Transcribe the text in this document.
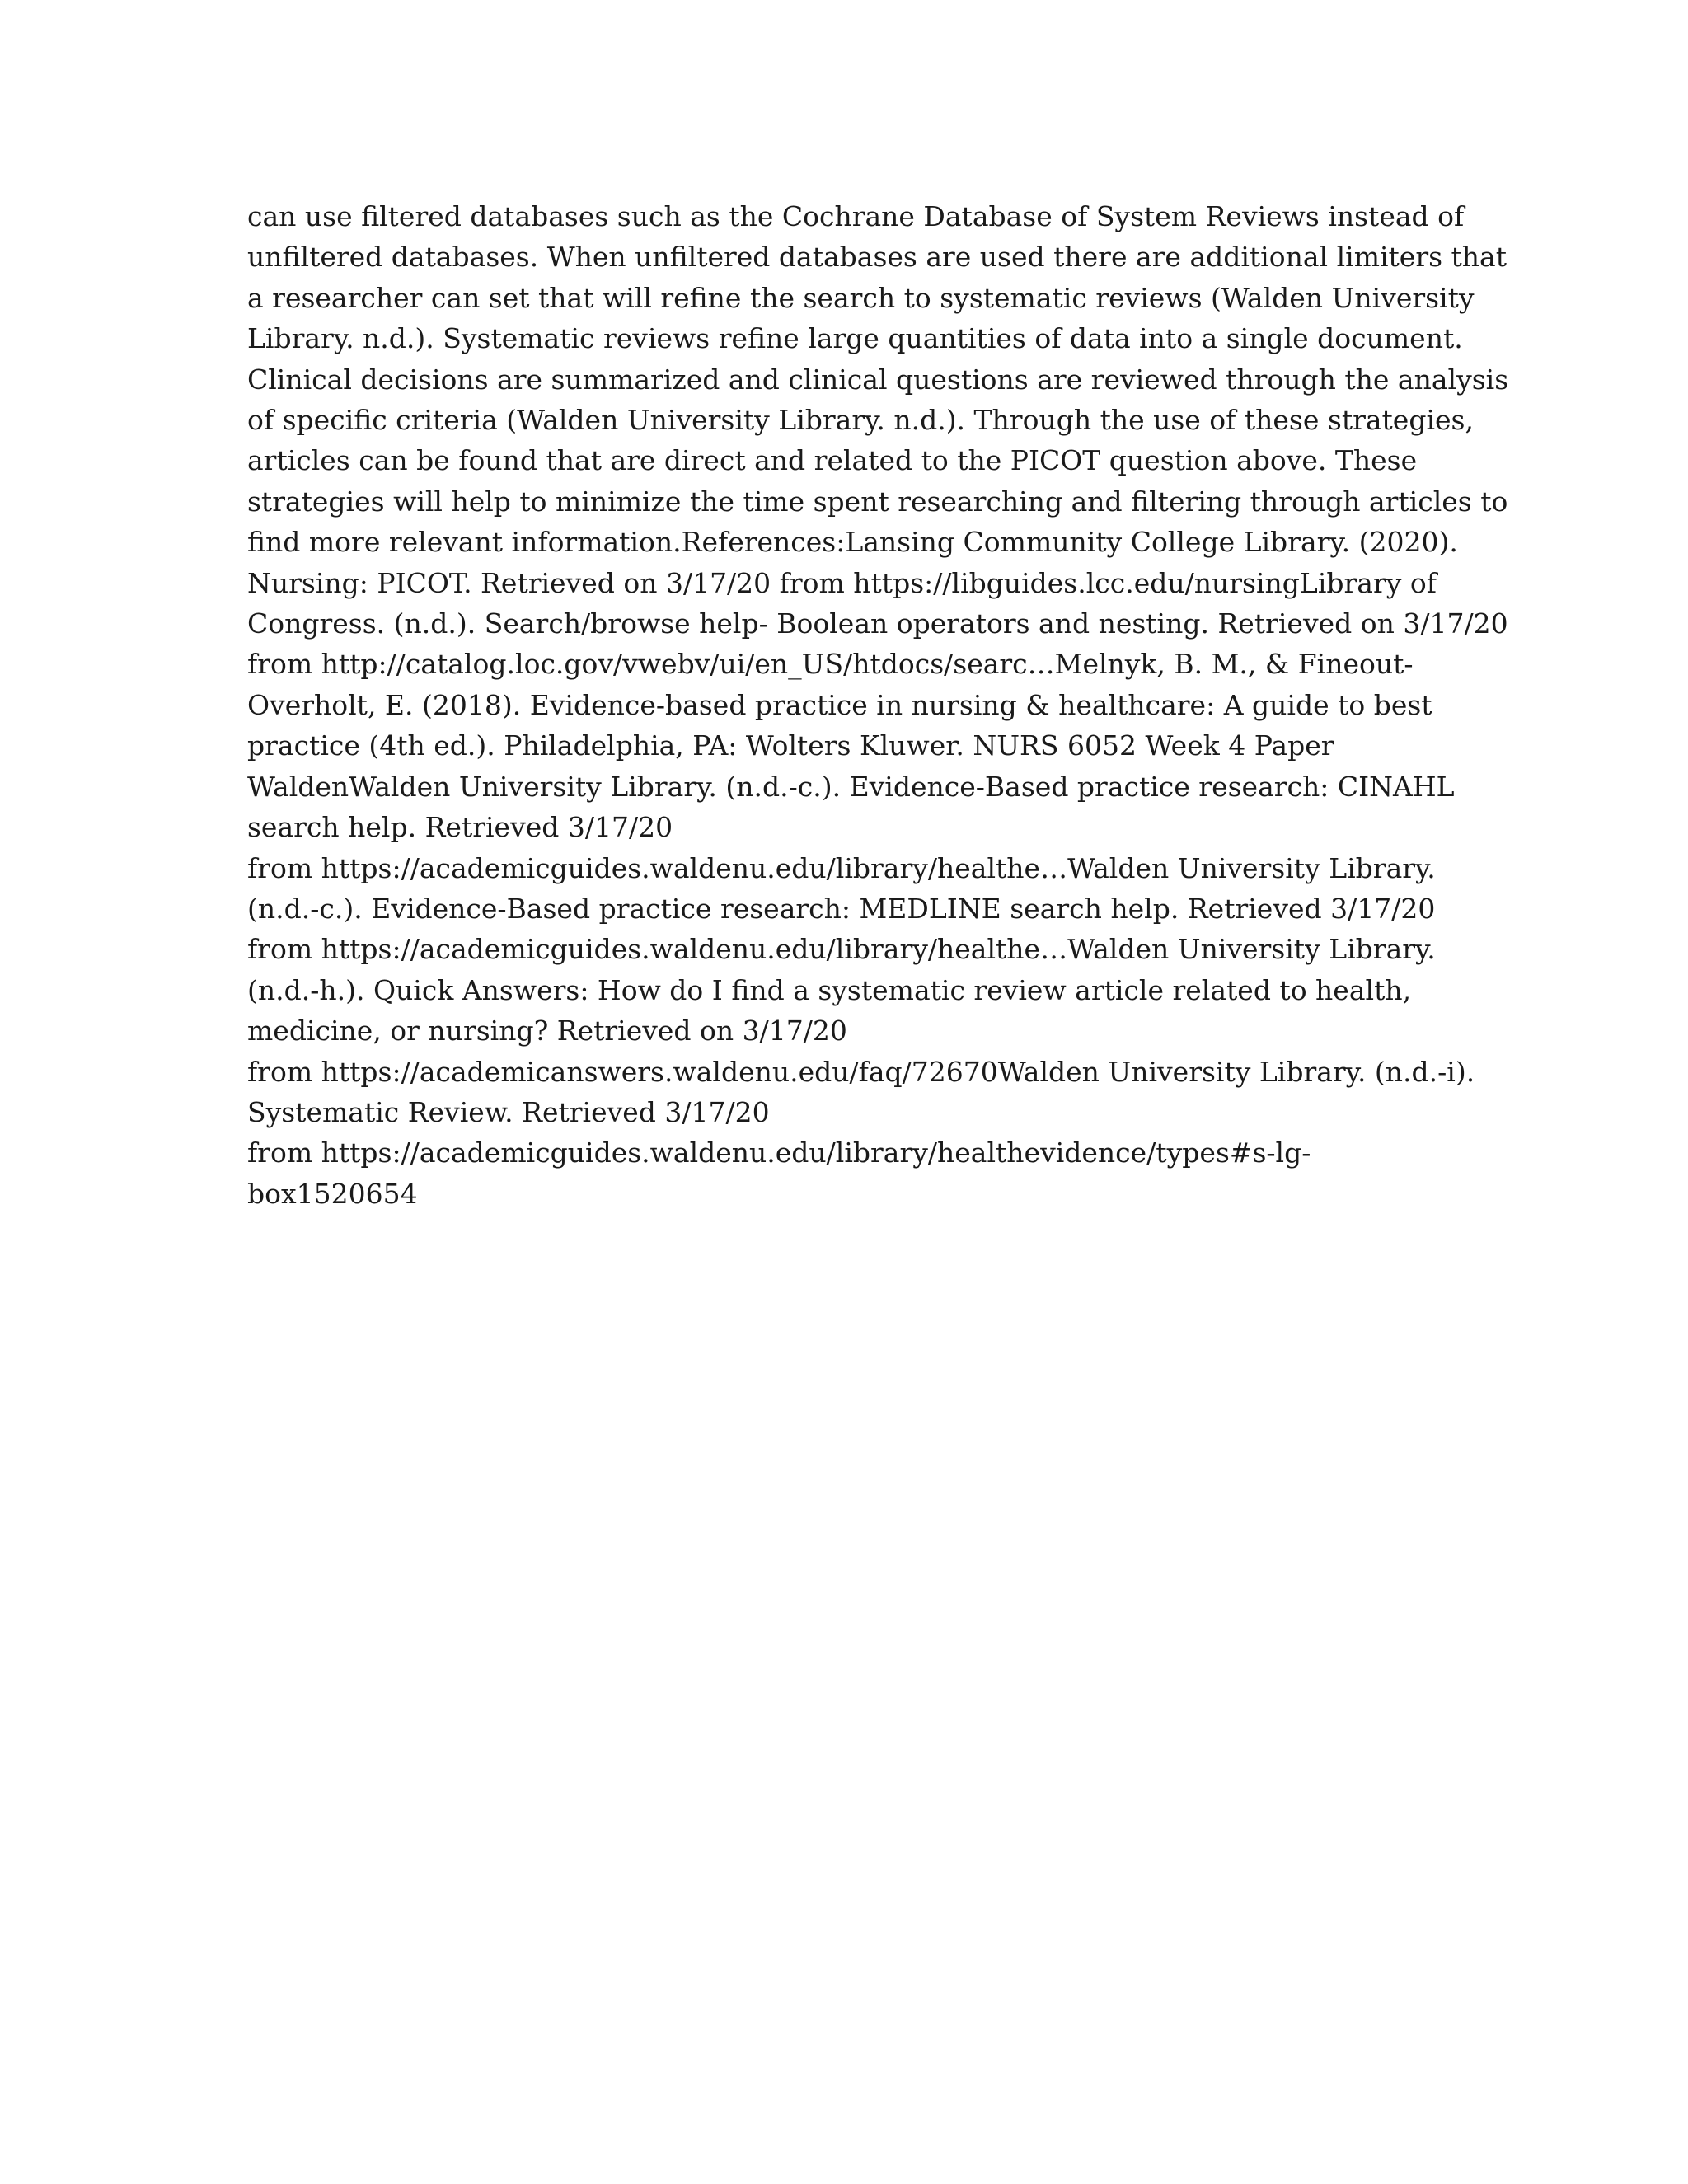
can use filtered databases such as the Cochrane Database of System Reviews instead of
unfiltered databases. When unfiltered databases are used there are additional limiters that
a researcher can set that will refine the search to systematic reviews (Walden University
Library. n.d.). Systematic reviews refine large quantities of data into a single document.
Clinical decisions are summarized and clinical questions are reviewed through the analysis
of specific criteria (Walden University Library. n.d.). Through the use of these strategies,
articles can be found that are direct and related to the PICOT question above. These
strategies will help to minimize the time spent researching and filtering through articles to
find more relevant information.References:Lansing Community College Library. (2020).
Nursing: PICOT. Retrieved on 3/17/20 from https://libguides.lcc.edu/nursingLibrary of
Congress. (n.d.). Search/browse help- Boolean operators and nesting. Retrieved on 3/17/20
from http://catalog.loc.gov/vwebv/ui/en_US/htdocs/searc…Melnyk, B. M., & Fineout-
Overholt, E. (2018). Evidence-based practice in nursing & healthcare: A guide to best
practice (4th ed.). Philadelphia, PA: Wolters Kluwer. NURS 6052 Week 4 Paper
WaldenWalden University Library. (n.d.-c.). Evidence-Based practice research: CINAHL
search help. Retrieved 3/17/20
from https://academicguides.waldenu.edu/library/healthe…Walden University Library.
(n.d.-c.). Evidence-Based practice research: MEDLINE search help. Retrieved 3/17/20
from https://academicguides.waldenu.edu/library/healthe…Walden University Library.
(n.d.-h.). Quick Answers: How do I find a systematic review article related to health,
medicine, or nursing? Retrieved on 3/17/20
from https://academicanswers.waldenu.edu/faq/72670Walden University Library. (n.d.-i).
Systematic Review. Retrieved 3/17/20
from https://academicguides.waldenu.edu/library/healthevidence/types#s-lg-
box1520654
